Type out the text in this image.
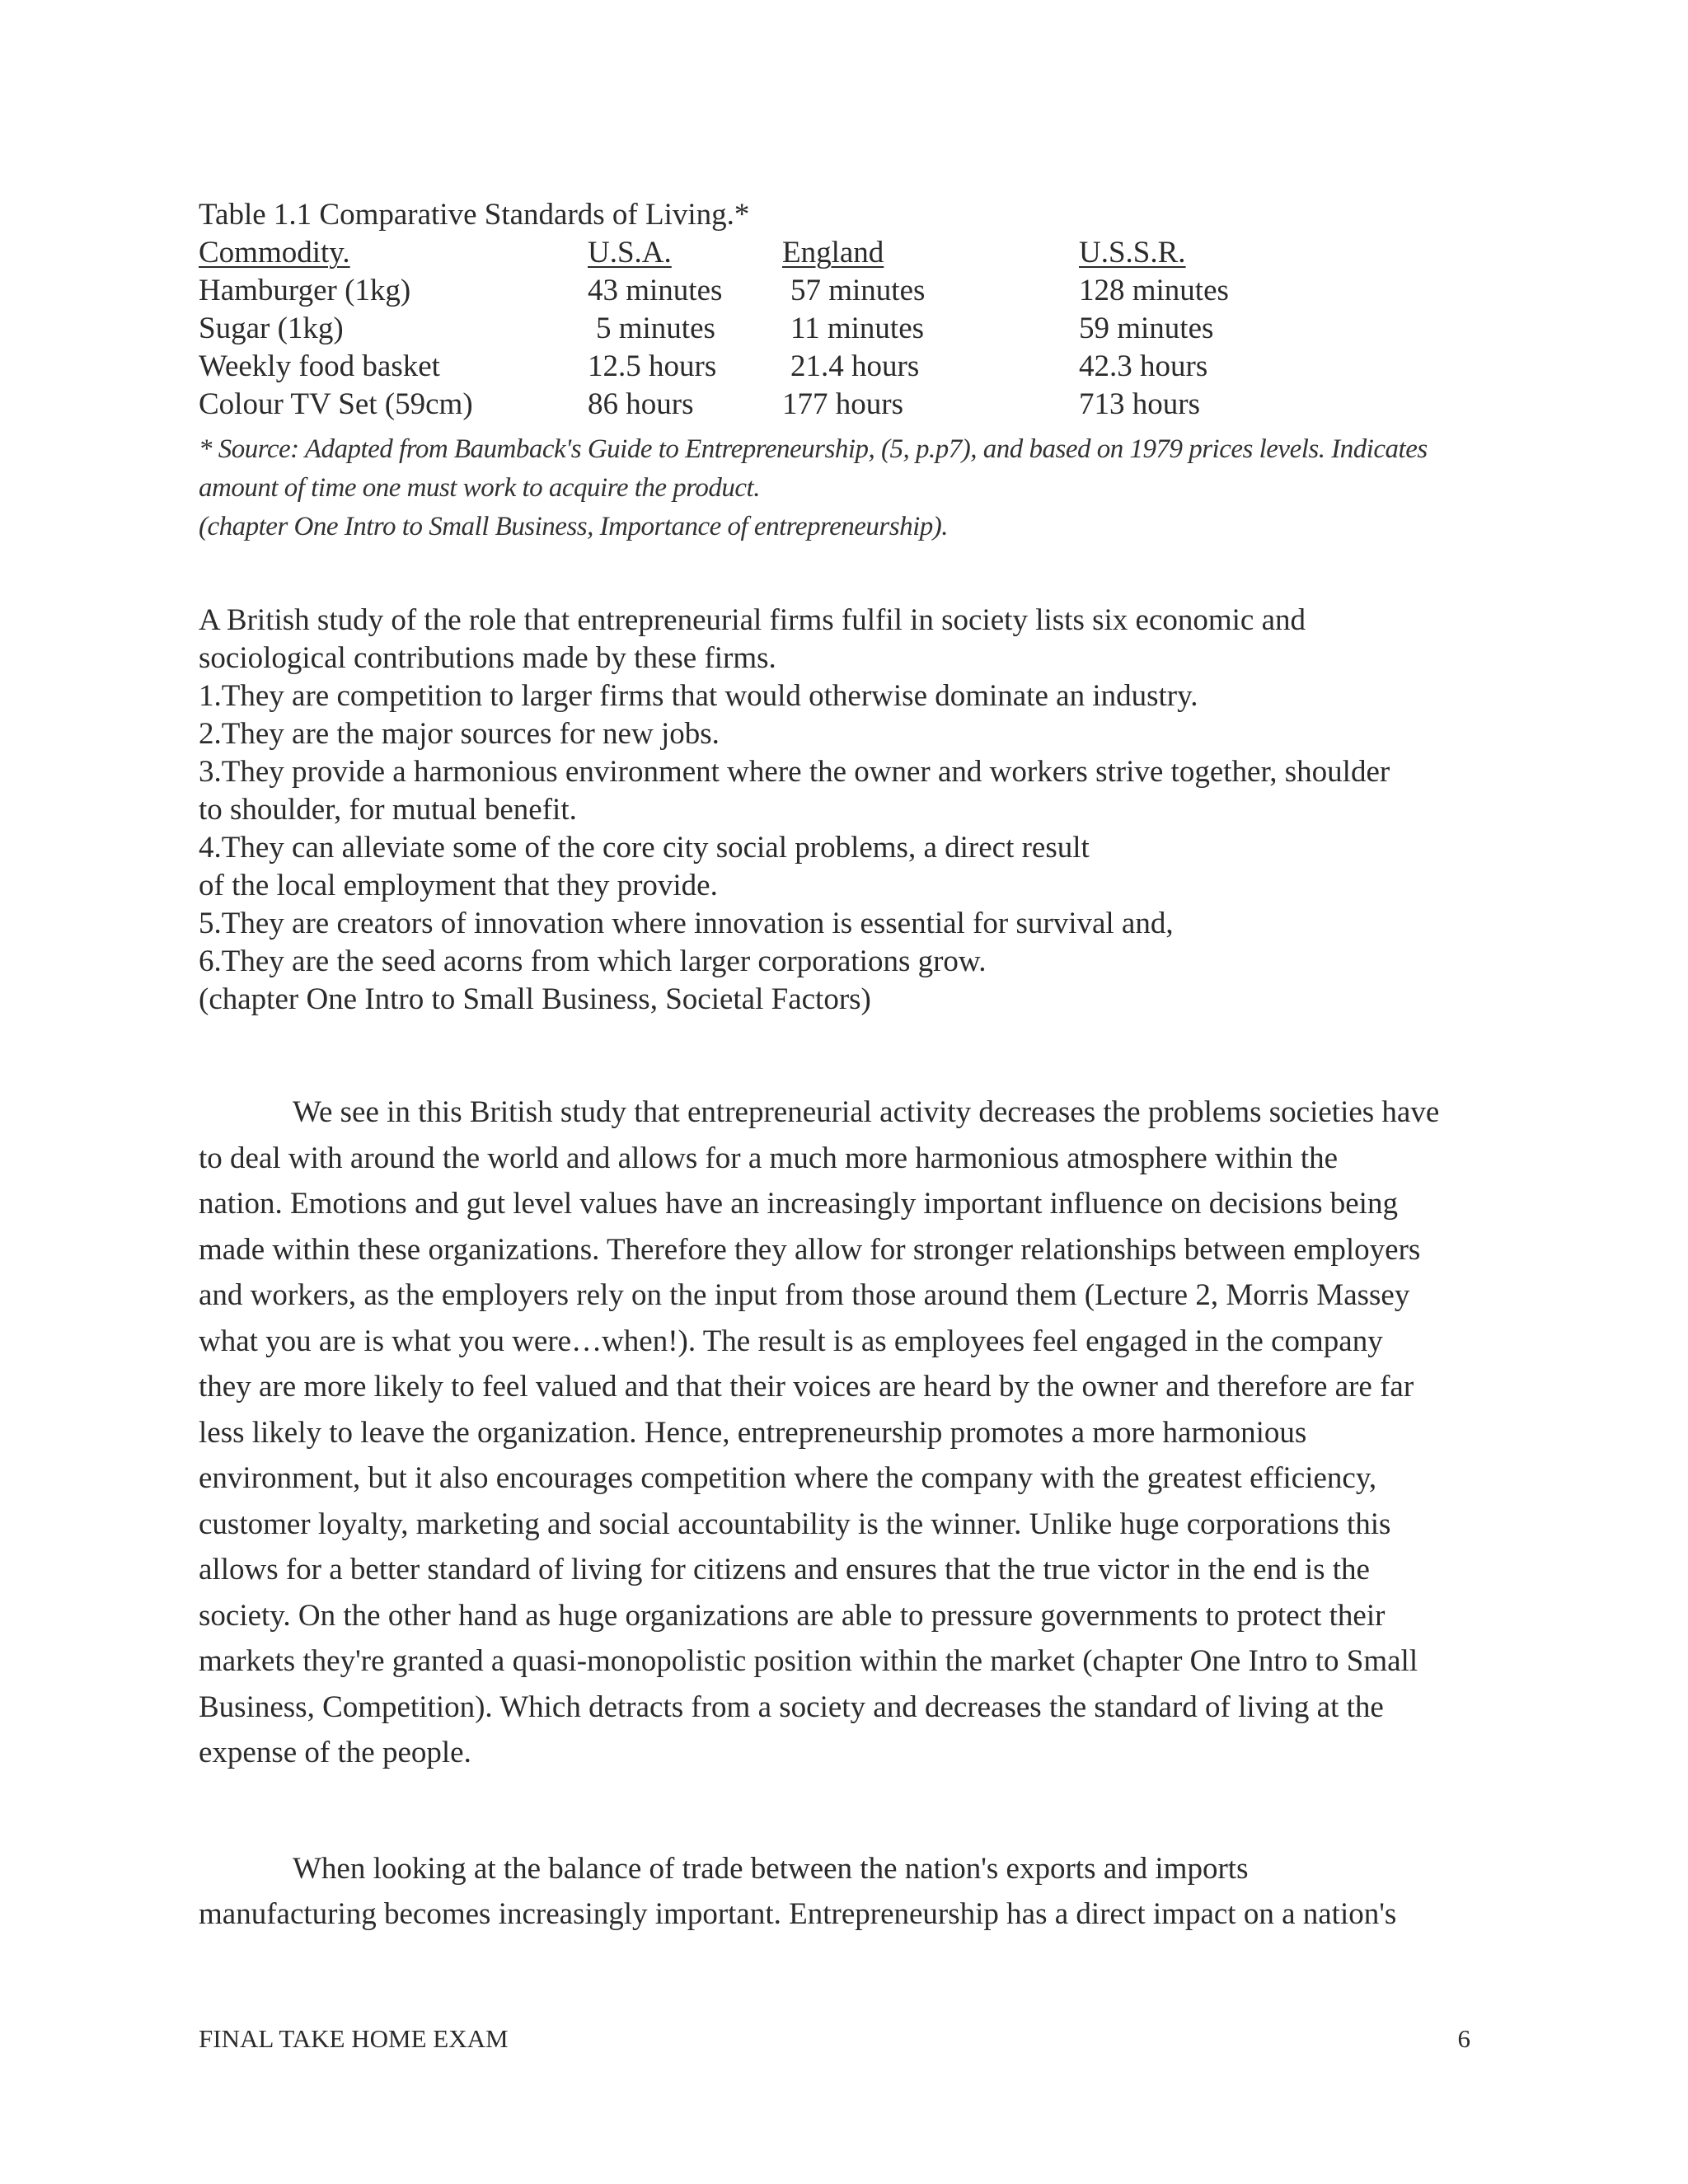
Table 1.1 Comparative Standards of Living.*
Commodity.	U.S.A.	England	U.S.S.R.
Hamburger (1kg)	43 minutes	57 minutes	128 minutes
Sugar (1kg)	5 minutes	11 minutes	59 minutes
Weekly food basket	12.5 hours	21.4 hours	42.3 hours
Colour TV Set (59cm)	86 hours	177 hours	713 hours
* Source: Adapted from Baumback's Guide to Entrepreneurship, (5, p.p7), and based on 1979 prices levels. Indicates
amount of time one must work to acquire the product.
(chapter One Intro to Small Business, Importance of entrepreneurship).
A British study of the role that entrepreneurial firms fulfil in society lists six economic and
sociological contributions made by these firms.
1.They are competition to larger firms that would otherwise dominate an industry.
2.They are the major sources for new jobs.
3.They provide a harmonious environment where the owner and workers strive together, shoulder
to shoulder, for mutual benefit.
4.They can alleviate some of the core city social problems, a direct result
of the local employment that they provide.
5.They are creators of innovation where innovation is essential for survival and,
6.They are the seed acorns from which larger corporations grow.
(chapter One Intro to Small Business, Societal Factors)
We see in this British study that entrepreneurial activity decreases the problems societies have
to deal with around the world and allows for a much more harmonious atmosphere within the
nation. Emotions and gut level values have an increasingly important influence on decisions being
made within these organizations. Therefore they allow for stronger relationships between employers
and workers, as the employers rely on the input from those around them (Lecture 2, Morris Massey
what you are is what you were…when!). The result is as employees feel engaged in the company
they are more likely to feel valued and that their voices are heard by the owner and therefore are far
less likely to leave the organization. Hence, entrepreneurship promotes a more harmonious
environment, but it also encourages competition where the company with the greatest efficiency,
customer loyalty, marketing and social accountability is the winner. Unlike huge corporations this
allows for a better standard of living for citizens and ensures that the true victor in the end is the
society. On the other hand as huge organizations are able to pressure governments to protect their
markets they're granted a quasi-monopolistic position within the market (chapter One Intro to Small
Business, Competition). Which detracts from a society and decreases the standard of living at the
expense of the people.
When looking at the balance of trade between the nation's exports and imports
manufacturing becomes increasingly important. Entrepreneurship has a direct impact on a nation's
FINAL TAKE HOME EXAM	6
